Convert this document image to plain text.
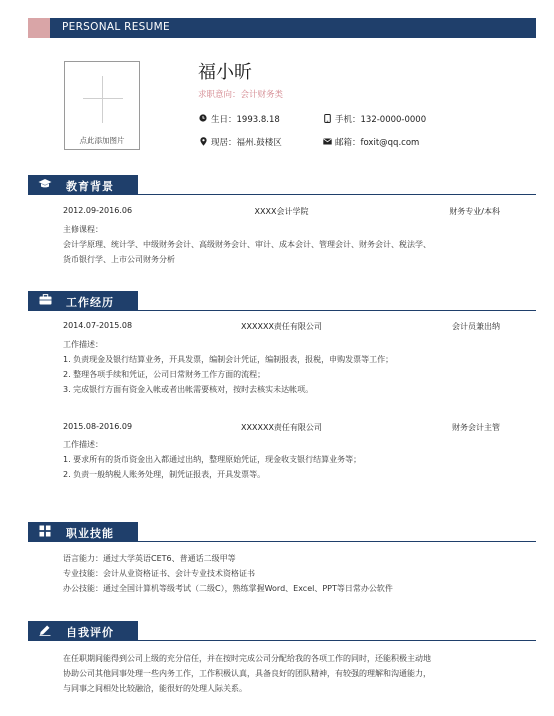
PERSONAL RESUME
点此添加图片
福小昕
求职意向：会计财务类
生日：1993.8.18	手机：132-0000-0000
现居：福州.鼓楼区	邮箱：foxit@qq.com
教育背景
2012.09-2016.06	XXXX会计学院	财务专业/本科
主修课程：
会计学原理、统计学、中级财务会计、高级财务会计、审计、成本会计、管理会计、财务会计、税法学、
货币银行学、上市公司财务分析
工作经历
2014.07-2015.08	XXXXXX责任有限公司	会计员兼出纳
工作描述：
1. 负责现金及银行结算业务，开具发票，编制会计凭证，编制报表，报税，申购发票等工作；
2. 整理各项手续和凭证，公司日常财务工作方面的流程；
3. 完成银行方面有资金入帐或者出帐需要核对，按时去核实未达帐项。
2015.08-2016.09	XXXXXX责任有限公司	财务会计主管
工作描述：
1. 要求所有的货币资金出入都通过出纳，整理原始凭证，现金收支银行结算业务等；
2. 负责一般纳税人账务处理，制凭证报表，开具发票等。
职业技能
语言能力：通过大学英语CET6、普通话二级甲等
专业技能：会计从业资格证书、会计专业技术资格证书
办公技能：通过全国计算机等级考试（二级C），熟练掌握Word、Excel、PPT等日常办公软件
自我评价
在任职期间能得到公司上级的充分信任，并在按时完成公司分配给我的各项工作的同时，还能积极主动地
协助公司其他同事处理一些内务工作，工作积极认真，具备良好的团队精神，有较强的理解和沟通能力，
与同事之间相处比较融洽，能很好的处理人际关系。
